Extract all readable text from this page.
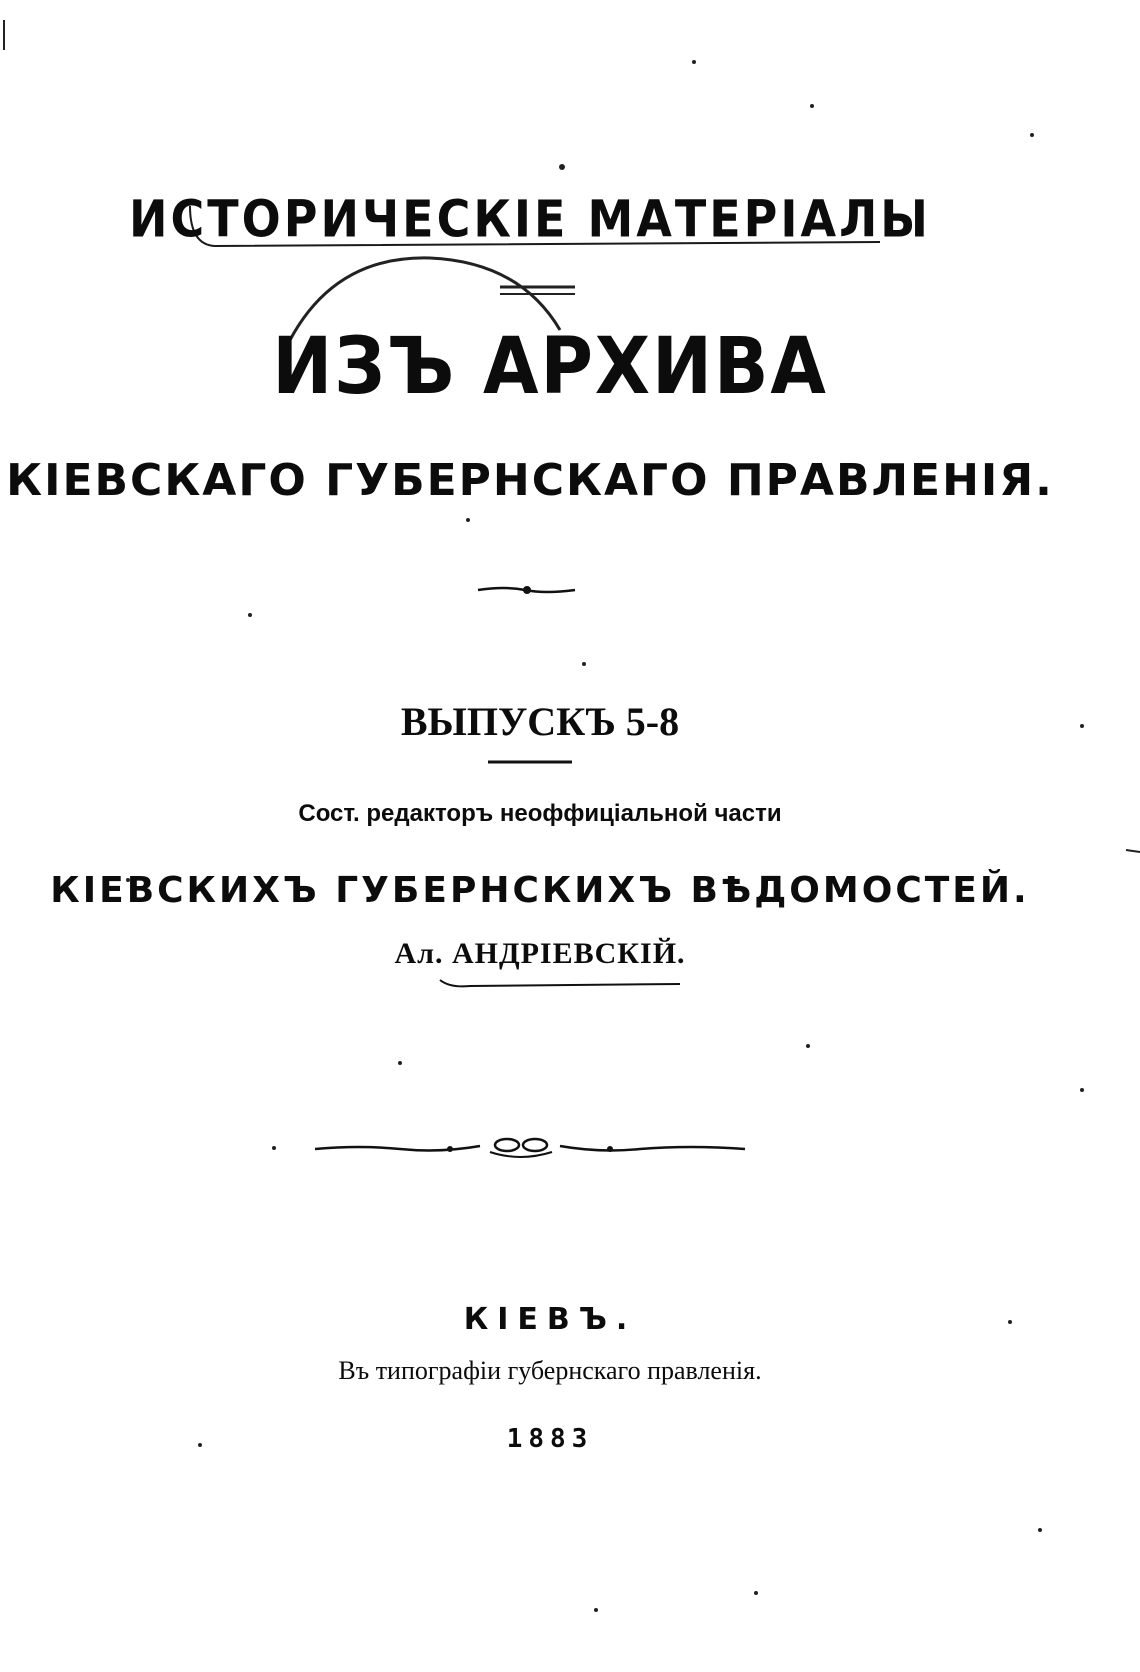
ИСТОРИЧЕСКІЕ МАТЕРІАЛЫ
ИЗЪ АРХИВА
КІЕВСКАГО ГУБЕРНСКАГО ПРАВЛЕНІЯ.
ВЫПУСКЪ 5-8
Сост. редакторъ неоффиціальной части
КІЕВСКИХЪ ГУБЕРНСКИХЪ ВѢДОМОСТЕЙ.
Ал. АНДРІЕВСКІЙ.
КІЕВЪ.
Въ типографіи губернскаго правленія.
1883
